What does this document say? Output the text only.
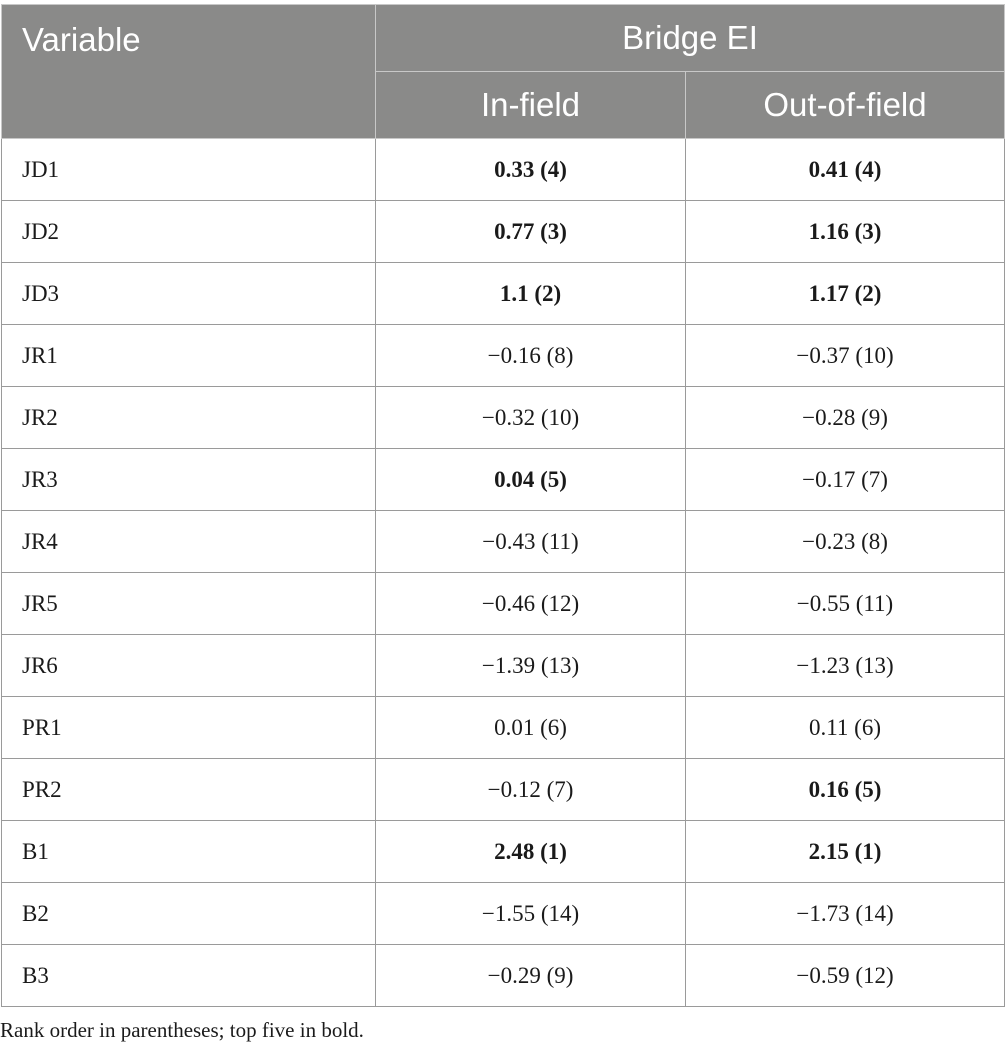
Variable	Bridge EI	
	In-field	Out-of-field
JD1	0.33 (4)	0.41 (4)
JD2	0.77 (3)	1.16 (3)
JD3	1.1 (2)	1.17 (2)
JR1	−0.16 (8)	−0.37 (10)
JR2	−0.32 (10)	−0.28 (9)
JR3	0.04 (5)	−0.17 (7)
JR4	−0.43 (11)	−0.23 (8)
JR5	−0.46 (12)	−0.55 (11)
JR6	−1.39 (13)	−1.23 (13)
PR1	0.01 (6)	0.11 (6)
PR2	−0.12 (7)	0.16 (5)
B1	2.48 (1)	2.15 (1)
B2	−1.55 (14)	−1.73 (14)
B3	−0.29 (9)	−0.59 (12)

Rank order in parentheses; top five in bold.
